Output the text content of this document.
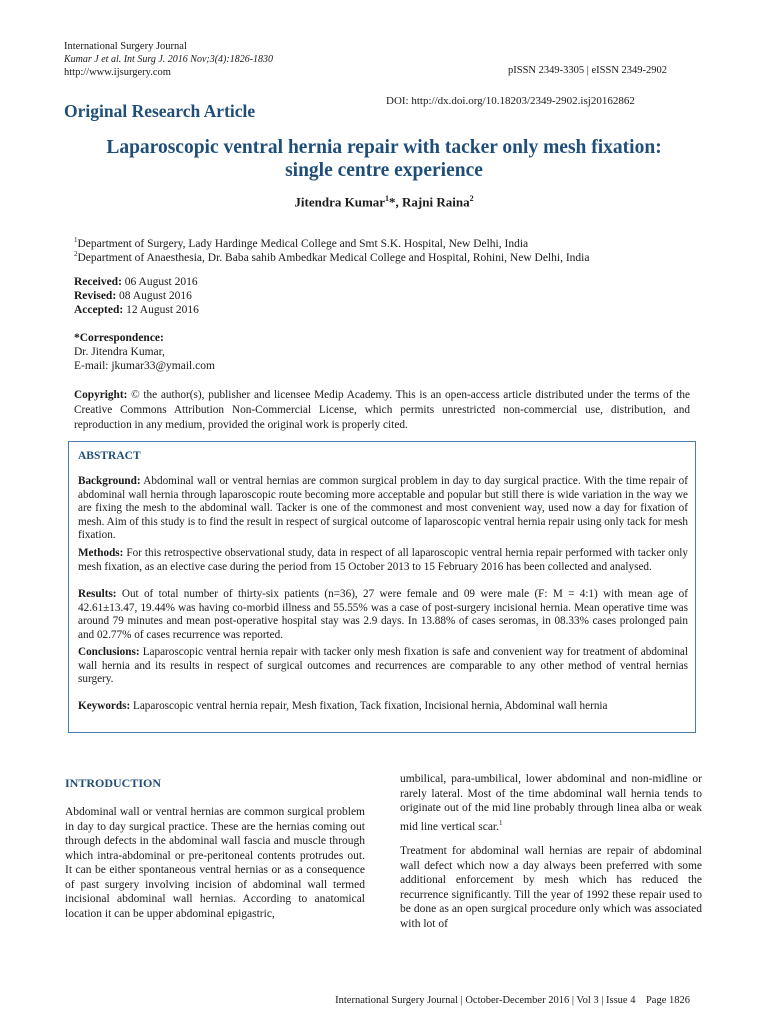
International Surgery Journal
Kumar J et al. Int Surg J. 2016 Nov;3(4):1826-1830
http://www.ijsurgery.com	pISSN 2349-3305 | eISSN 2349-2902
Original Research Article	DOI: http://dx.doi.org/10.18203/2349-2902.isj20162862
Laparoscopic ventral hernia repair with tacker only mesh fixation:
single centre experience
Jitendra Kumar$^1$*, Rajni Raina$^2$
$^1$Department of Surgery, Lady Hardinge Medical College and Smt S.K. Hospital, New Delhi, India
$^2$Department of Anaesthesia, Dr. Baba sahib Ambedkar Medical College and Hospital, Rohini, New Delhi, India
Received: 06 August 2016
Revised: 08 August 2016
Accepted: 12 August 2016
*Correspondence:
Dr. Jitendra Kumar,
E-mail: jkumar33@ymail.com
Copyright: © the author(s), publisher and licensee Medip Academy. This is an open-access article distributed under the terms of the Creative Commons Attribution Non-Commercial License, which permits unrestricted non-commercial use, distribution, and reproduction in any medium, provided the original work is properly cited.
ABSTRACT
Background: Abdominal wall or ventral hernias are common surgical problem in day to day surgical practice. With the time repair of abdominal wall hernia through laparoscopic route becoming more acceptable and popular but still there is wide variation in the way we are fixing the mesh to the abdominal wall. Tacker is one of the commonest and most convenient way, used now a day for fixation of mesh. Aim of this study is to find the result in respect of surgical outcome of laparoscopic ventral hernia repair using only tack for mesh fixation.
Methods: For this retrospective observational study, data in respect of all laparoscopic ventral hernia repair performed with tacker only mesh fixation, as an elective case during the period from 15 October 2013 to 15 February 2016 has been collected and analysed.
Results: Out of total number of thirty-six patients (n=36), 27 were female and 09 were male (F: M = 4:1) with mean age of 42.61±13.47, 19.44% was having co-morbid illness and 55.55% was a case of post-surgery incisional hernia. Mean operative time was around 79 minutes and mean post-operative hospital stay was 2.9 days. In 13.88% of cases seromas, in 08.33% cases prolonged pain and 02.77% of cases recurrence was reported.
Conclusions: Laparoscopic ventral hernia repair with tacker only mesh fixation is safe and convenient way for treatment of abdominal wall hernia and its results in respect of surgical outcomes and recurrences are comparable to any other method of ventral hernias surgery.
Keywords: Laparoscopic ventral hernia repair, Mesh fixation, Tack fixation, Incisional hernia, Abdominal wall hernia
INTRODUCTION
Abdominal wall or ventral hernias are common surgical problem in day to day surgical practice. These are the hernias coming out through defects in the abdominal wall fascia and muscle through which intra-abdominal or pre-peritoneal contents protrudes out. It can be either spontaneous ventral hernias or as a consequence of past surgery involving incision of abdominal wall termed incisional abdominal wall hernias. According to anatomical location it can be upper abdominal epigastric,
umbilical, para-umbilical, lower abdominal and non-midline or rarely lateral. Most of the time abdominal wall hernia tends to originate out of the mid line probably through linea alba or weak mid line vertical scar.$^1$
Treatment for abdominal wall hernias are repair of abdominal wall defect which now a day always been preferred with some additional enforcement by mesh which has reduced the recurrence significantly. Till the year of 1992 these repair used to be done as an open surgical procedure only which was associated with lot of
International Surgery Journal | October-December 2016 | Vol 3 | Issue 4    Page 1826
